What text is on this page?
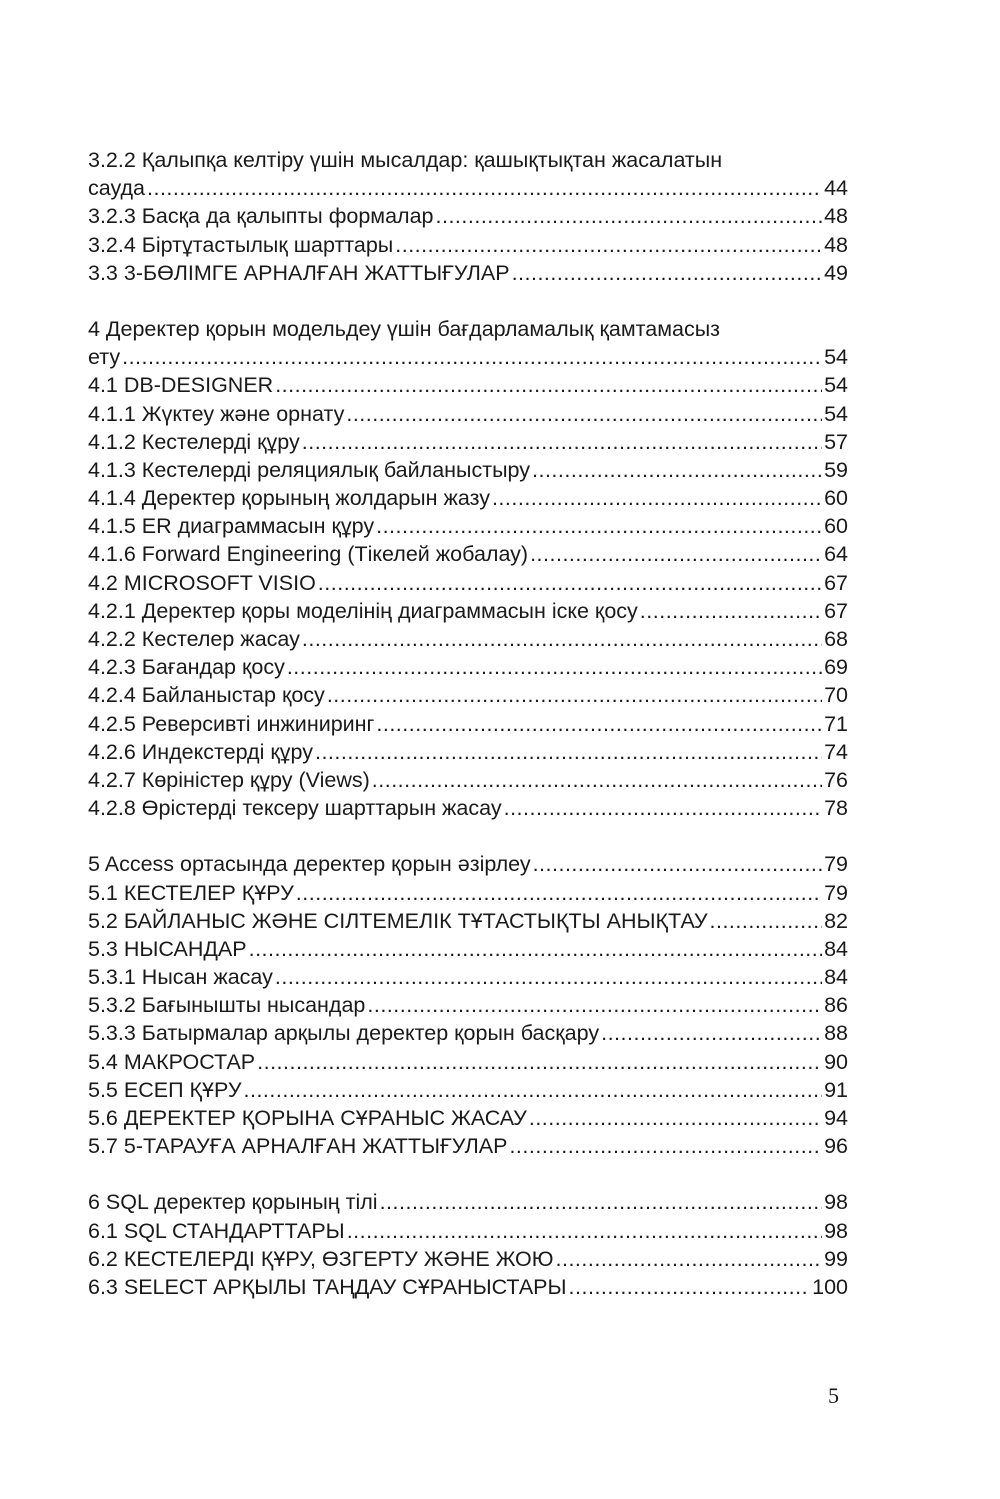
3.2.2 Қалыпқа келтіру үшін мысалдар: қашықтықтан жасалатын
сауда .....	44
3.2.3 Басқа да қалыпты формалар .....	48
3.2.4 Біртұтастылық шарттары .....	48
3.3 3-БӨЛІМГЕ АРНАЛҒАН ЖАТТЫҒУЛАР .....	49
4 Деректер қорын модельдеу үшін бағдарламалық қамтамасыз
ету .....	54
4.1 DB-DESIGNER .....	54
4.1.1 Жүктеу және орнату .....	54
4.1.2 Кестелерді құру .....	57
4.1.3 Кестелерді реляциялық байланыстыру .....	59
4.1.4 Деректер қорының жолдарын жазу .....	60
4.1.5 ER диаграммасын құру .....	60
4.1.6 Forward Engineering (Тікелей жобалау) .....	64
4.2 MICROSOFT VISIO .....	67
4.2.1 Деректер қоры моделінің диаграммасын іске қосу .....	67
4.2.2 Кестелер жасау .....	68
4.2.3 Бағандар қосу .....	69
4.2.4 Байланыстар қосу .....	70
4.2.5 Реверсивті инжиниринг .....	71
4.2.6 Индекстерді құру .....	74
4.2.7 Көріністер құру (Views) .....	76
4.2.8 Өрістерді тексеру шарттарын жасау .....	78
5 Access ортасында деректер қорын әзірлеу .....	79
5.1 КЕСТЕЛЕР ҚҰРУ .....	79
5.2 БАЙЛАНЫС ЖӘНЕ СІЛТЕМЕЛІК ТҰТАСТЫҚТЫ АНЫҚТАУ .....	82
5.3 НЫСАНДАР .....	84
5.3.1 Нысан жасау .....	84
5.3.2 Бағынышты нысандар .....	86
5.3.3 Батырмалар арқылы деректер қорын басқару .....	88
5.4 МАКРОСТАР .....	90
5.5 ЕСЕП ҚҰРУ .....	91
5.6 ДЕРЕКТЕР ҚОРЫНА СҰРАНЫС ЖАСАУ .....	94
5.7 5-ТАРАУҒА АРНАЛҒАН ЖАТТЫҒУЛАР .....	96
6 SQL деректер қорының тілі .....	98
6.1 SQL СТАНДАРТТАРЫ .....	98
6.2 КЕСТЕЛЕРДІ ҚҰРУ, ӨЗГЕРТУ ЖӘНЕ ЖОЮ .....	99
6.3 SELECT АРҚЫЛЫ ТАҢДАУ СҰРАНЫСТАРЫ .....	100
5
